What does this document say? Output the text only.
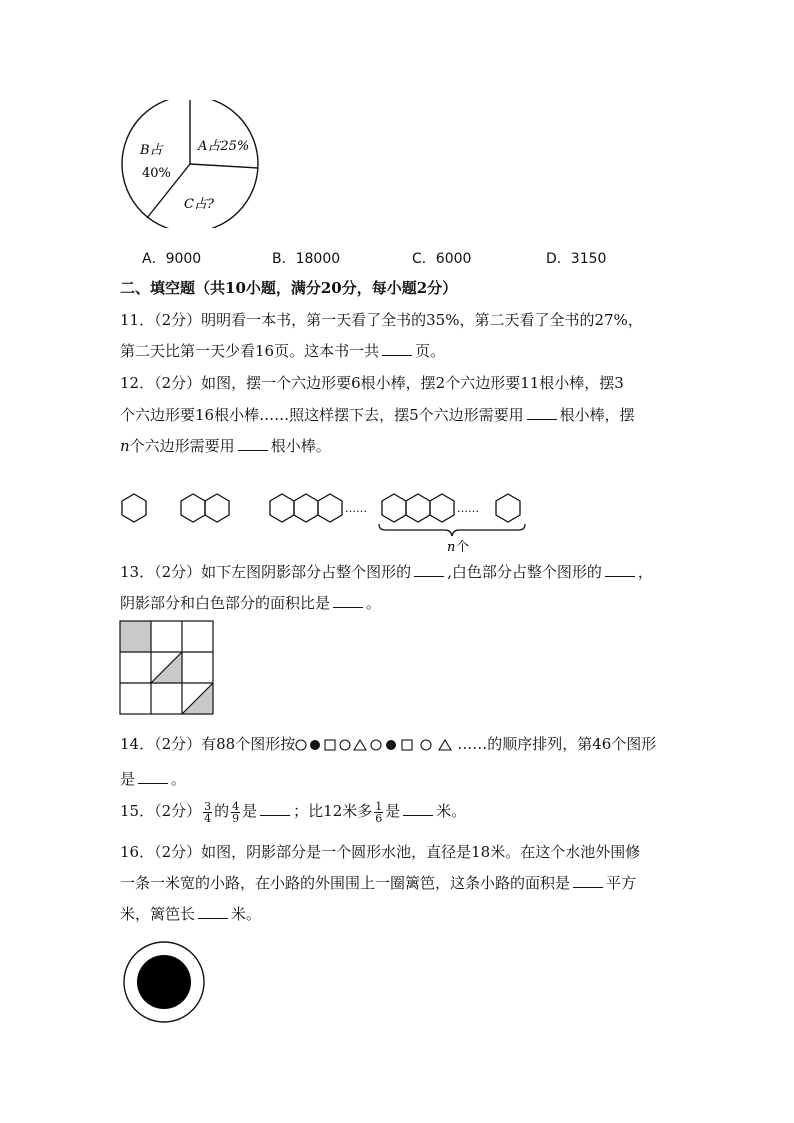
A占25%
B占
40%
C占?
A．9000	B．18000	C．6000	D．3150
二、填空题（共10小题，满分20分，每小题2分）
11．（2分）明明看一本书，第一天看了全书的35%，第二天看了全书的27%，
第二天比第一天少看16页。这本书一共 页。
12．（2分）如图，摆一个六边形要6根小棒，摆2个六边形要11根小棒，摆3
个六边形要16根小棒……照这样摆下去，摆5个六边形需要用 根小棒，摆
n个六边形需要用 根小棒。
……	……
n 个
13．（2分）如下左图阴影部分占整个图形的 ,白色部分占整个图形的 ，
阴影部分和白色部分的面积比是 。
14．（2分）有88个图形按	……的顺序排列，第46个图形
是 。
15．（2分） $\frac{3}{4}$ 的 $\frac{4}{9}$ 是 ；比12米多 $\frac{1}{6}$ 是 米。
16．（2分）如图，阴影部分是一个圆形水池，直径是18米。在这个水池外围修
一条一米宽的小路，在小路的外围围上一圈篱笆，这条小路的面积是 平方
米，篱笆长 米。
